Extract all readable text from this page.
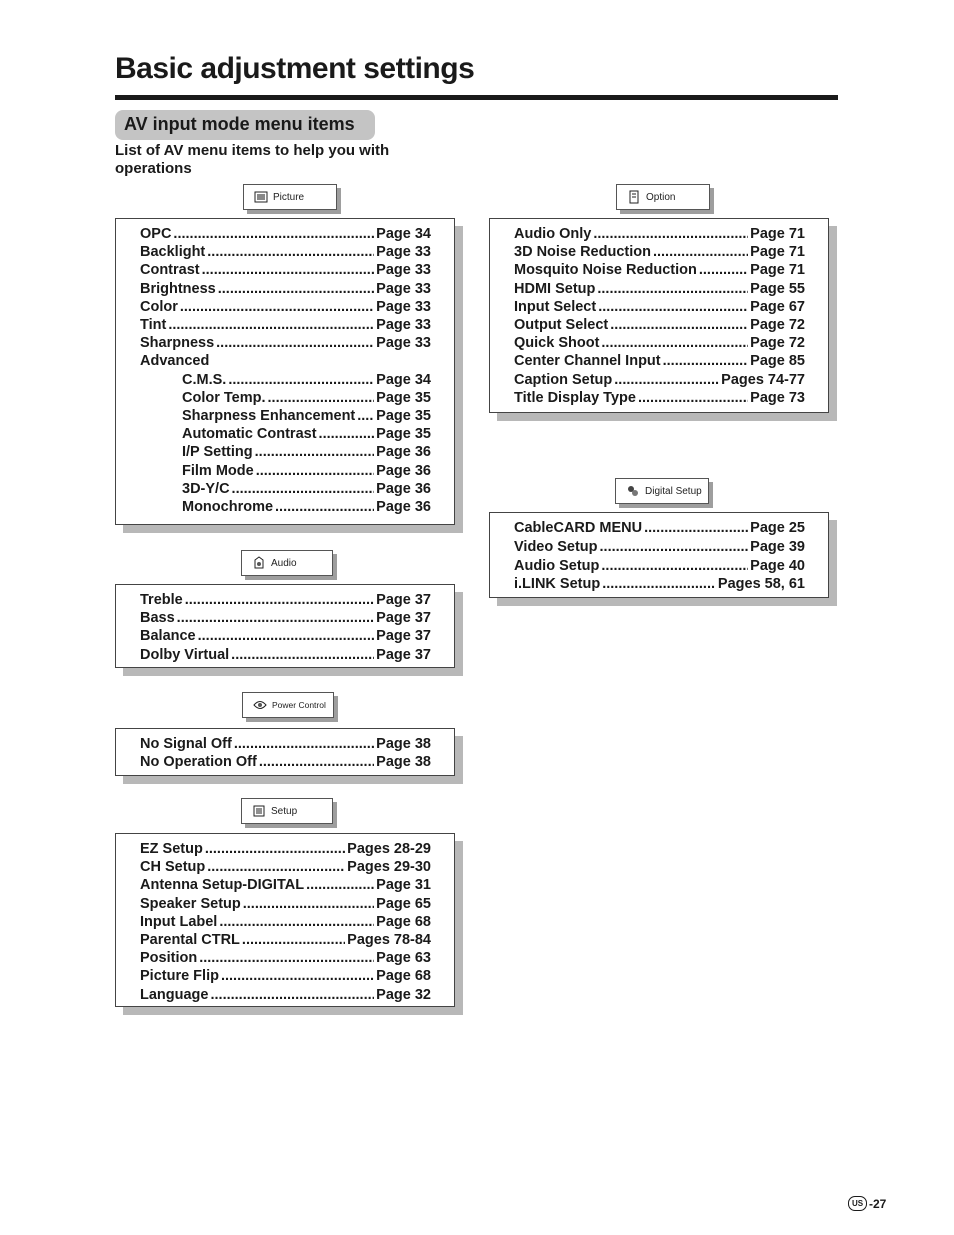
Basic adjustment settings
AV input mode menu items

List of AV menu items to help you with operations

Picture
OPC .....	Page 34
Backlight .....	Page 33
Contrast .....	Page 33
Brightness .....	Page 33
Color .....	Page 33
Tint .....	Page 33
Sharpness .....	Page 33
Advanced
C.M.S. .....	Page 34
Color Temp. .....	Page 35
Sharpness Enhancement ..... Page 35
Automatic Contrast .....	Page 35
I/P Setting .....	Page 36
Film Mode .....	Page 36
3D-Y/C .....	Page 36
Monochrome .....	Page 36
Audio
Treble .....	Page 37
Bass .....	Page 37
Balance .....	Page 37
Dolby Virtual .....	Page 37
Power Control
No Signal Off .....	Page 38
No Operation Off .....	Page 38
Setup
EZ Setup .....	Pages 28-29
CH Setup .....	Pages 29-30
Antenna Setup-DIGITAL .....	Page 31
Speaker Setup .....	Page 65
Input Label .....	Page 68
Parental CTRL .....	Pages 78-84
Position .....	Page 63
Picture Flip .....	Page 68
Language .....	Page 32
Option
Audio Only .....	Page 71
3D Noise Reduction .....	Page 71
Mosquito Noise Reduction .....	Page 71
HDMI Setup .....	Page 55
Input Select .....	Page 67
Output Select .....	Page 72
Quick Shoot .....	Page 72
Center Channel Input .....	Page 85
Caption Setup .....	Pages 74-77
Title Display Type .....	Page 73
Digital Setup
CableCARD MENU .....	Page 25
Video Setup .....	Page 39
Audio Setup .....	Page 40
i.LINK Setup .....	Pages 58, 61
US -27
